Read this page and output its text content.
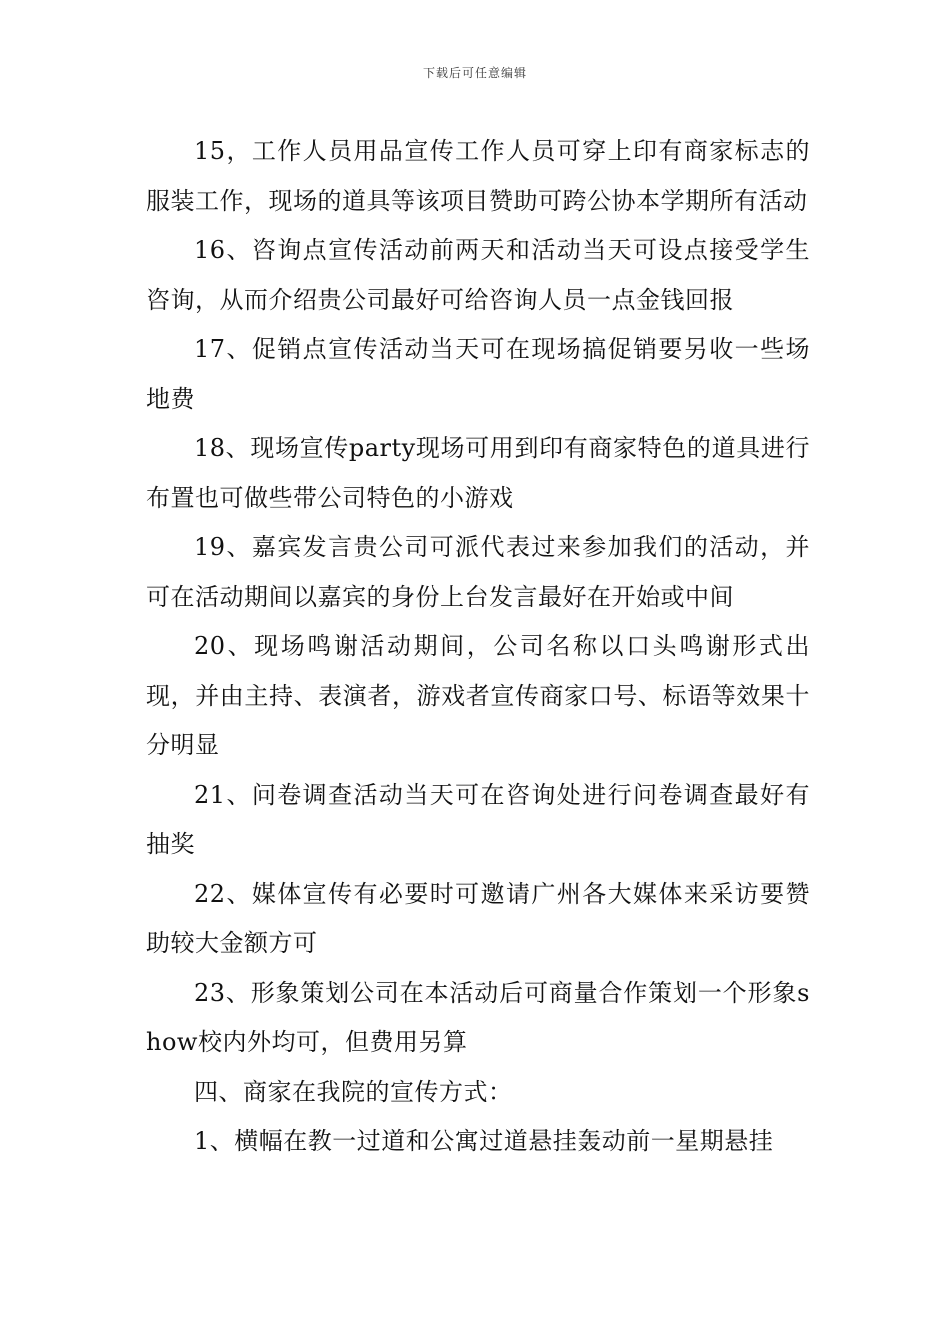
下载后可任意编辑

15，工作人员用品宣传工作人员可穿上印有商家标志的服装工作，现场的道具等该项目赞助可跨公协本学期所有活动

16、咨询点宣传活动前两天和活动当天可设点接受学生咨询，从而介绍贵公司最好可给咨询人员一点金钱回报

17、促销点宣传活动当天可在现场搞促销要另收一些场地费

18、现场宣传party现场可用到印有商家特色的道具进行布置也可做些带公司特色的小游戏

19、嘉宾发言贵公司可派代表过来参加我们的活动，并可在活动期间以嘉宾的身份上台发言最好在开始或中间

20、现场鸣谢活动期间，公司名称以口头鸣谢形式出现，并由主持、表演者，游戏者宣传商家口号、标语等效果十分明显

21、问卷调查活动当天可在咨询处进行问卷调查最好有抽奖

22、媒体宣传有必要时可邀请广州各大媒体来采访要赞助较大金额方可

23、形象策划公司在本活动后可商量合作策划一个形象show校内外均可，但费用另算

四、商家在我院的宣传方式：

1、横幅在教一过道和公寓过道悬挂轰动前一星期悬挂
